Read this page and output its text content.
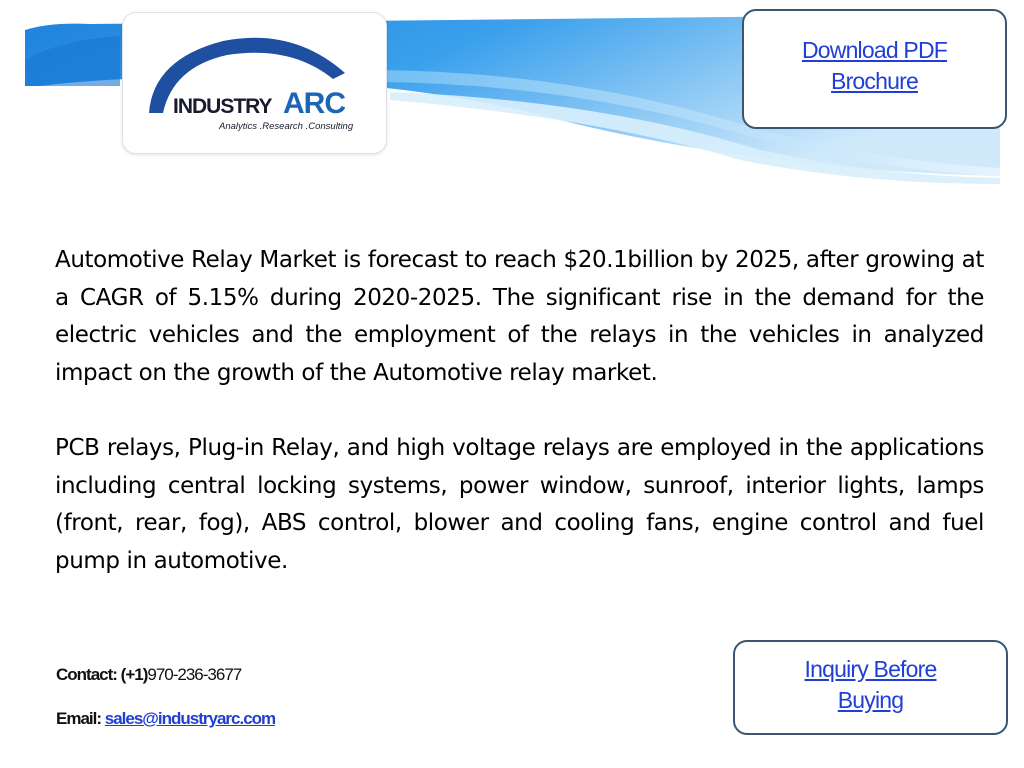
INDUSTRY ARC
Analytics .Research .Consulting
Download PDF Brochure

Automotive Relay Market is forecast to reach $20.1billion by 2025, after growing at a CAGR of 5.15% during 2020-2025. The significant rise in the demand for the electric vehicles and the employment of the relays in the vehicles in analyzed impact on the growth of the Automotive relay market.

PCB relays, Plug-in Relay, and high voltage relays are employed in the applications including central locking systems, power window, sunroof, interior lights, lamps (front, rear, fog), ABS control, blower and cooling fans, engine control and fuel pump in automotive.

Contact: (+1)970-236-3677
Email: sales@industryarc.com
Inquiry Before Buying
